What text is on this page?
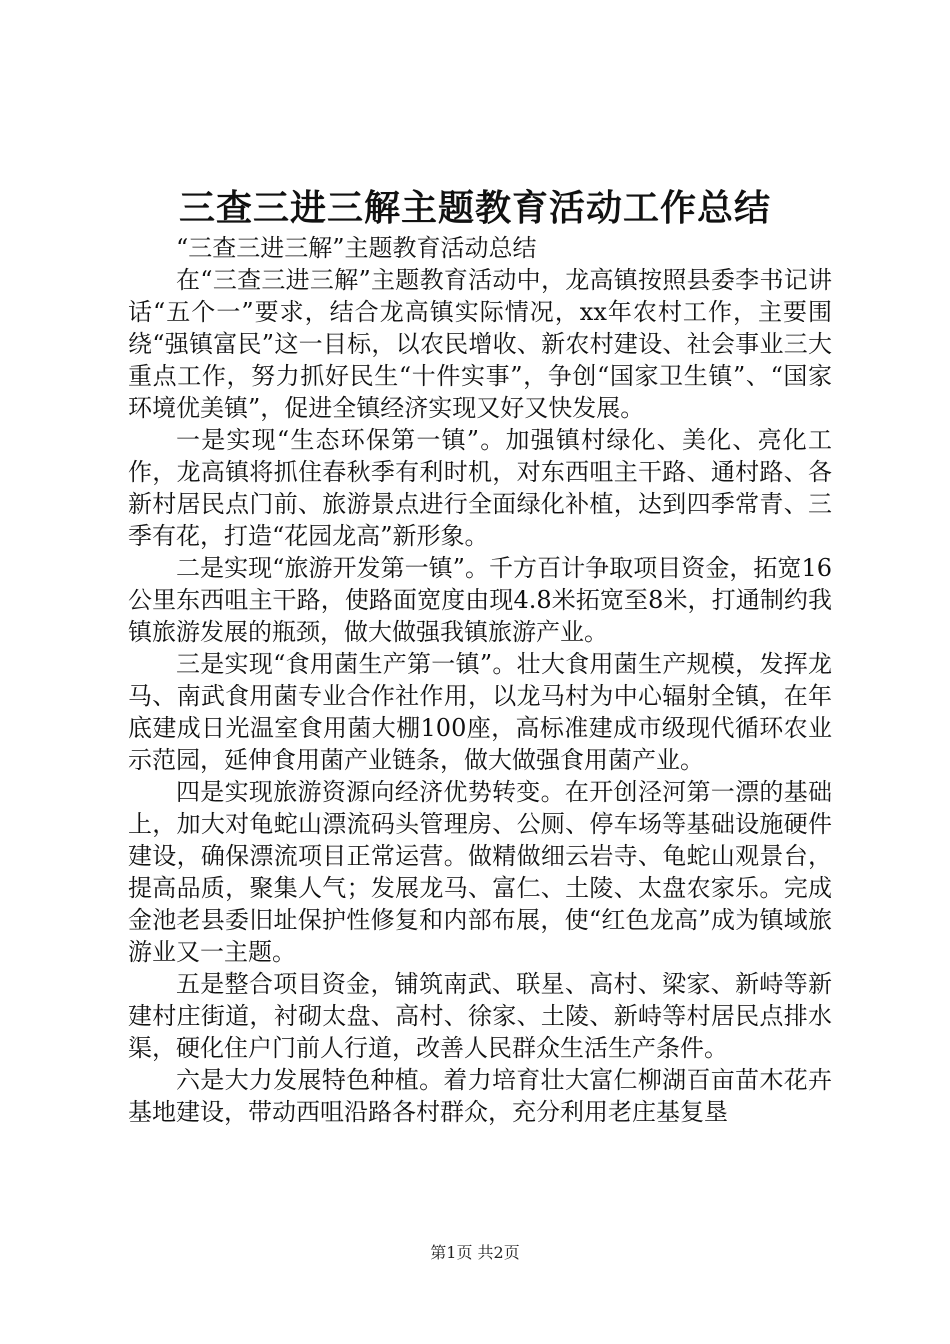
三查三进三解主题教育活动工作总结

“三查三进三解”主题教育活动总结

在“三查三进三解”主题教育活动中，龙高镇按照县委李书记讲话“五个一”要求，结合龙高镇实际情况，xx年农村工作，主要围绕“强镇富民”这一目标，以农民增收、新农村建设、社会事业三大重点工作，努力抓好民生“十件实事”，争创“国家卫生镇”、“国家环境优美镇”，促进全镇经济实现又好又快发展。

一是实现“生态环保第一镇”。加强镇村绿化、美化、亮化工作，龙高镇将抓住春秋季有利时机，对东西咀主干路、通村路、各新村居民点门前、旅游景点进行全面绿化补植，达到四季常青、三季有花，打造“花园龙高”新形象。

二是实现“旅游开发第一镇”。千方百计争取项目资金，拓宽16公里东西咀主干路，使路面宽度由现4.8米拓宽至8米，打通制约我镇旅游发展的瓶颈，做大做强我镇旅游产业。

三是实现“食用菌生产第一镇”。壮大食用菌生产规模，发挥龙马、南武食用菌专业合作社作用，以龙马村为中心辐射全镇，在年底建成日光温室食用菌大棚100座，高标准建成市级现代循环农业示范园，延伸食用菌产业链条，做大做强食用菌产业。

四是实现旅游资源向经济优势转变。在开创泾河第一漂的基础上，加大对龟蛇山漂流码头管理房、公厕、停车场等基础设施硬件建设，确保漂流项目正常运营。做精做细云岩寺、龟蛇山观景台，提高品质，聚集人气；发展龙马、富仁、土陵、太盘农家乐。完成金池老县委旧址保护性修复和内部布展，使“红色龙高”成为镇域旅游业又一主题。

五是整合项目资金，铺筑南武、联星、高村、梁家、新峙等新建村庄街道，衬砌太盘、高村、徐家、土陵、新峙等村居民点排水渠，硬化住户门前人行道，改善人民群众生活生产条件。

六是大力发展特色种植。着力培育壮大富仁柳湖百亩苗木花卉基地建设，带动西咀沿路各村群众，充分利用老庄基复垦

第1页 共2页
